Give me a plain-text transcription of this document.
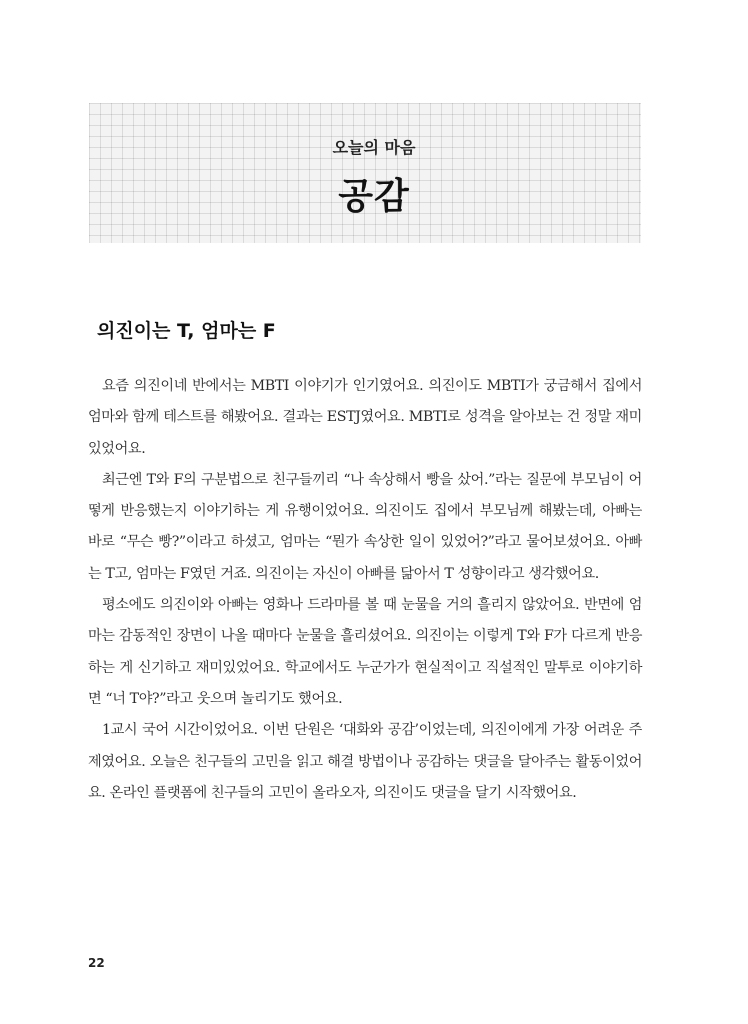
오늘의 마음
공감
의진이는 T, 엄마는 F

요즘 의진이네 반에서는 MBTI 이야기가 인기였어요. 의진이도 MBTI가 궁금해서 집에서 엄마와 함께 테스트를 해봤어요. 결과는 ESTJ였어요. MBTI로 성격을 알아보는 건 정말 재미있었어요.

최근엔 T와 F의 구분법으로 친구들끼리 “나 속상해서 빵을 샀어.”라는 질문에 부모님이 어떻게 반응했는지 이야기하는 게 유행이었어요. 의진이도 집에서 부모님께 해봤는데, 아빠는 바로 “무슨 빵?”이라고 하셨고, 엄마는 “뭔가 속상한 일이 있었어?”라고 물어보셨어요. 아빠는 T고, 엄마는 F였던 거죠. 의진이는 자신이 아빠를 닮아서 T 성향이라고 생각했어요.

평소에도 의진이와 아빠는 영화나 드라마를 볼 때 눈물을 거의 흘리지 않았어요. 반면에 엄마는 감동적인 장면이 나올 때마다 눈물을 흘리셨어요. 의진이는 이렇게 T와 F가 다르게 반응하는 게 신기하고 재미있었어요. 학교에서도 누군가가 현실적이고 직설적인 말투로 이야기하면 “너 T야?”라고 웃으며 놀리기도 했어요.

1교시 국어 시간이었어요. 이번 단원은 ‘대화와 공감’이었는데, 의진이에게 가장 어려운 주제였어요. 오늘은 친구들의 고민을 읽고 해결 방법이나 공감하는 댓글을 달아주는 활동이었어요. 온라인 플랫폼에 친구들의 고민이 올라오자, 의진이도 댓글을 달기 시작했어요.

22
